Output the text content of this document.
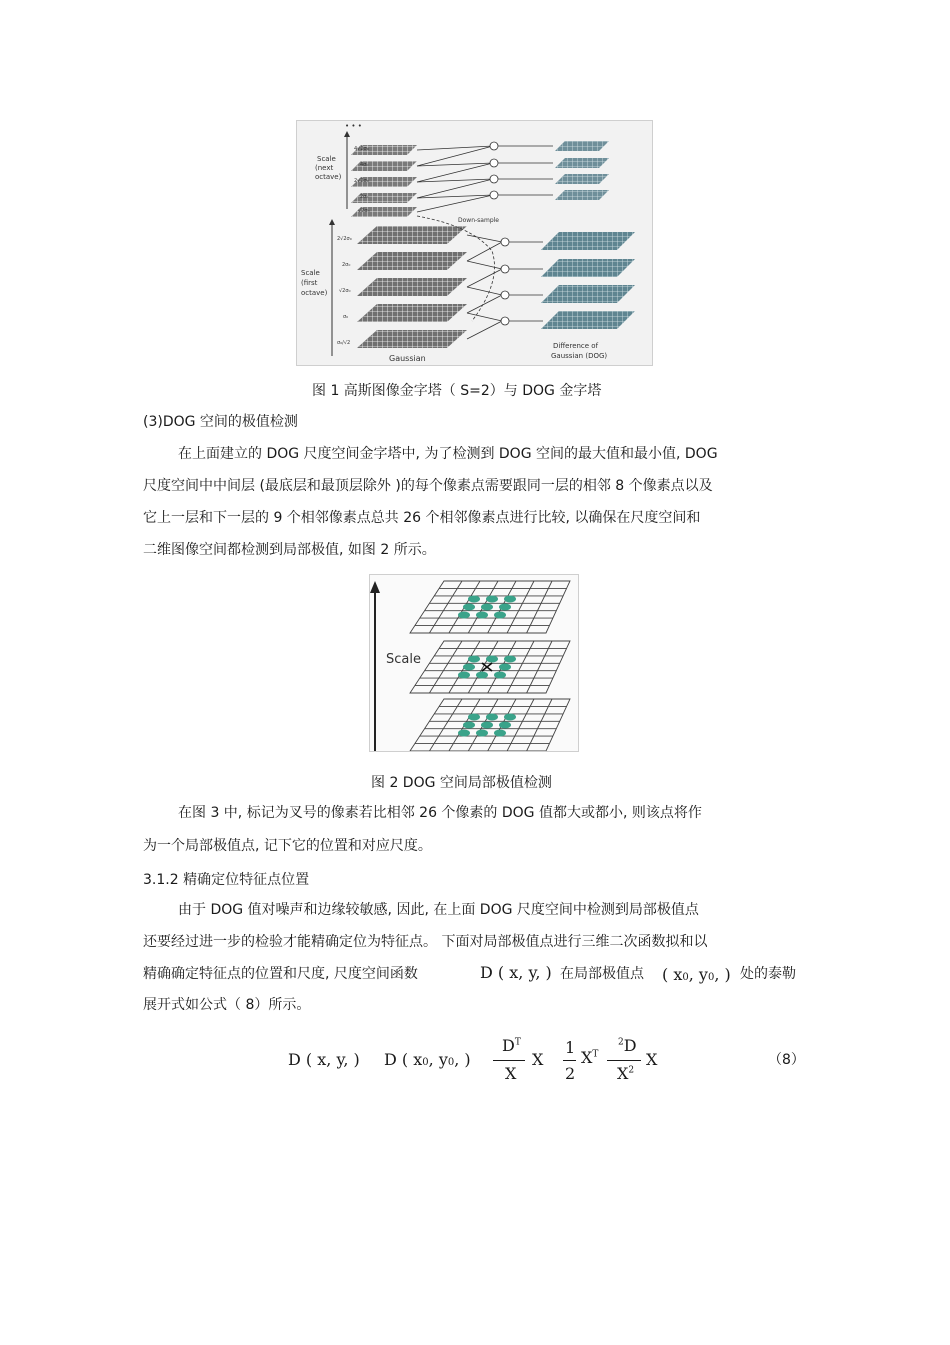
• • •
Scale (next octave)
Scale (first octave)
Down-sample
4√2σ₀
4σ₀
2√2σ₀
2σ₀
√2σ₀
2√2σ₀
2σ₀
√2σ₀
σ₀
σ₀/√2
Gaussian
Difference of Gaussian (DOG)
图 1 高斯图像金字塔（ S=2）与 DOG 金字塔
(3)DOG 空间的极值检测
在上面建立的 DOG 尺度空间金字塔中, 为了检测到 DOG 空间的最大值和最小值, DOG
尺度空间中中间层 (最底层和最顶层除外 )的每个像素点需要跟同一层的相邻 8 个像素点以及
它上一层和下一层的 9 个相邻像素点总共 26 个相邻像素点进行比较, 以确保在尺度空间和
二维图像空间都检测到局部极值, 如图 2 所示。
Scale
图 2 DOG 空间局部极值检测
在图 3 中, 标记为叉号的像素若比相邻 26 个像素的 DOG 值都大或都小, 则该点将作
为一个局部极值点, 记下它的位置和对应尺度。
3.1.2 精确定位特征点位置
由于 DOG 值对噪声和边缘较敏感, 因此, 在上面 DOG 尺度空间中检测到局部极值点
还要经过进一步的检验才能精确定位为特征点。 下面对局部极值点进行三维二次函数拟和以
精确确定特征点的位置和尺度, 尺度空间函数	D ( x, y, ) 在局部极值点 ( x0, y0, ) 处的泰勒
展开式如公式（ 8）所示。
D ( x, y, ) D ( x0, y0, )
$D^T$
X
X
1
2
$X^T$
$^2$D
$X^2$
X	（8）
